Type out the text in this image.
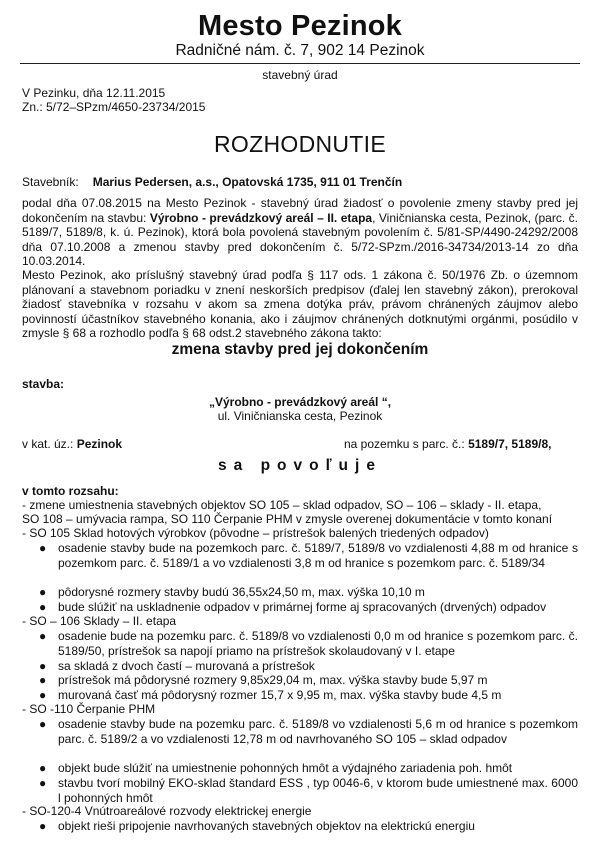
Mesto Pezinok
Radničné nám. č. 7, 902 14 Pezinok
stavebný úrad
V Pezinku, dňa 12.11.2015
Zn.: 5/72–SPzm/4650-23734/2015
ROZHODNUTIE
Stavebník: Marius Pedersen, a.s., Opatovská 1735, 911 01 Trenčín

podal dňa 07.08.2015 na Mesto Pezinok - stavebný úrad žiadosť o povolenie zmeny stavby pred jej dokončením na stavbu: Výrobno - prevádzkový areál – II. etapa, Viničnianska cesta, Pezinok, (parc. č. 5189/7, 5189/8, k. ú. Pezinok), ktorá bola povolená stavebným povolením č. 5/81-SP/4490-24292/2008 dňa 07.10.2008 a zmenou stavby pred dokončením č. 5/72-SPzm./2016-34734/2013-14 zo dňa 10.03.2014.

Mesto Pezinok, ako príslušný stavebný úrad podľa § 117 ods. 1 zákona č. 50/1976 Zb. o územnom plánovaní a stavebnom poriadku v znení neskorších predpisov (ďalej len stavebný zákon), prerokoval žiadosť stavebníka v rozsahu v akom sa zmena dotýka práv, právom chránených záujmov alebo povinností účastníkov stavebného konania, ako i záujmov chránených dotknutými orgánmi, posúdilo v zmysle § 68 a rozhodlo podľa § 68 odst.2 stavebného zákona takto:

zmena stavby pred jej dokončením
stavba:
„Výrobno - prevádzkový areál “,
ul. Viničnianska cesta, Pezinok
v kat. úz.: Pezinok	na pozemku s parc. č.: 5189/7, 5189/8,
sa povoľuje
v tomto rozsahu:
- zmene umiestnenia stavebných objektov SO 105 – sklad odpadov, SO – 106 – sklady - II. etapa,
SO 108 – umývacia rampa, SO 110 Čerpanie PHM v zmysle overenej dokumentácie v tomto konaní
- SO 105 Sklad hotových výrobkov (pôvodne – prístrešok balených triedených odpadov)
● osadenie stavby bude na pozemkoch parc. č. 5189/7, 5189/8 vo vzdialenosti 4,88 m od hranice s pozemkom parc. č. 5189/1 a vo vzdialenosti 3,8 m od hranice s pozemkom parc. č. 5189/34
● pôdorysné rozmery stavby budú 36,55x24,50 m, max. výška 10,10 m
● bude slúžiť na uskladnenie odpadov v primárnej forme aj spracovaných (drvených) odpadov
- SO – 106 Sklady – II. etapa
● osadenie bude na pozemku parc. č. 5189/8 vo vzdialenosti 0,0 m od hranice s pozemkom parc. č. 5189/50, prístrešok sa napojí priamo na prístrešok skolaudovaný v I. etape
● sa skladá z dvoch častí – murovaná a prístrešok
● prístrešok má pôdorysné rozmery 9,85x29,04 m, max. výška stavby bude 5,97 m
● murovaná časť má pôdorysný rozmer 15,7 x 9,95 m, max. výška stavby bude 4,5 m
- SO -110 Čerpanie PHM
● osadenie stavby bude na pozemku parc. č. 5189/8 vo vzdialenosti 5,6 m od hranice s pozemkom parc. č. 5189/2 a vo vzdialenosti 12,78 m od navrhovaného SO 105 – sklad odpadov
● objekt bude slúžiť na umiestnenie pohonných hmôt a výdajného zariadenia poh. hmôt
● stavbu tvorí mobilný EKO-sklad štandard ESS , typ 0046-6, v ktorom bude umiestnené max. 6000 l pohonných hmôt
- SO-120-4 Vnútroareálové rozvody elektrickej energie
● objekt rieši pripojenie navrhovaných stavebných objektov na elektrickú energiu
